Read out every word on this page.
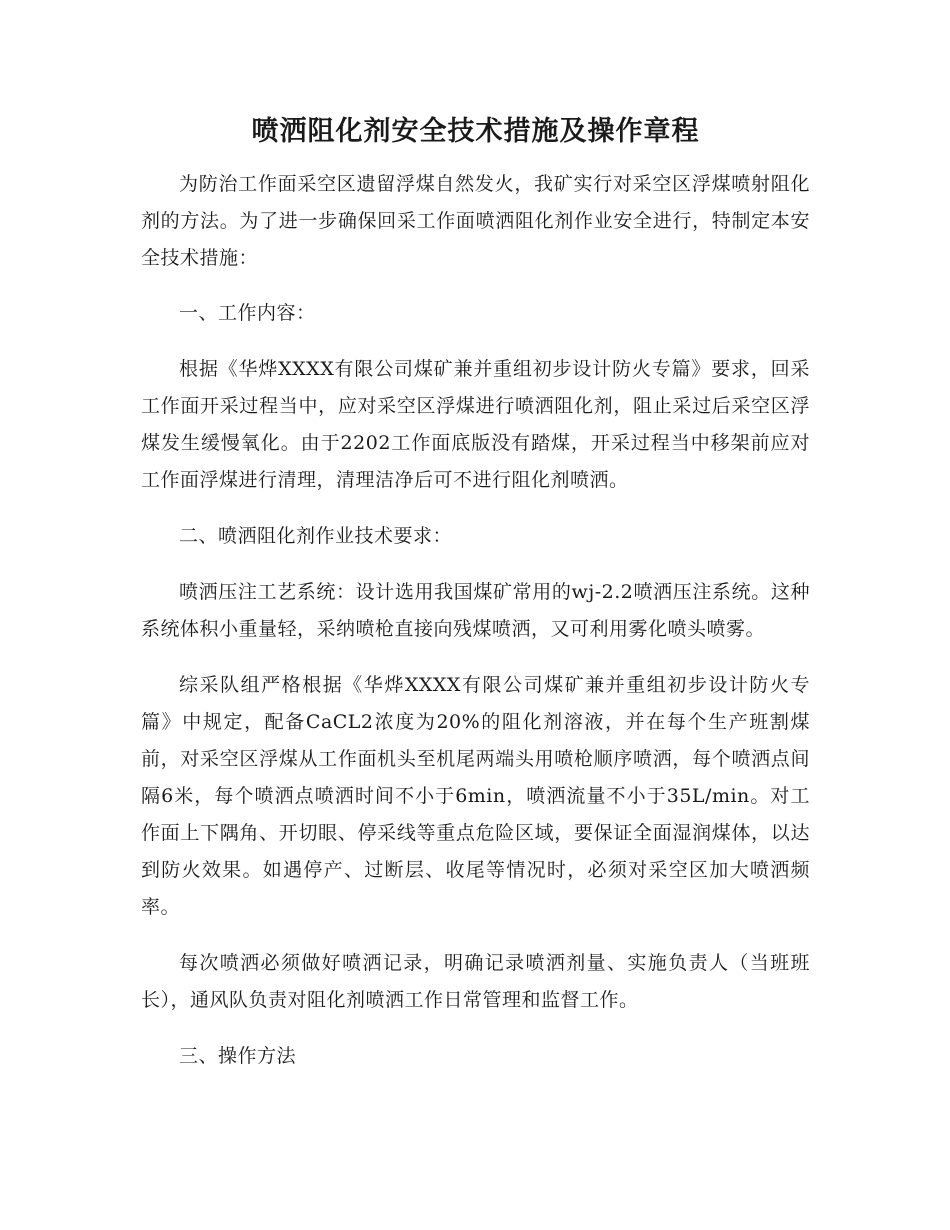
喷洒阻化剂安全技术措施及操作章程

为防治工作面采空区遗留浮煤自然发火，我矿实行对采空区浮煤喷射阻化剂的方法。为了进一步确保回采工作面喷洒阻化剂作业安全进行，特制定本安全技术措施：

一、工作内容：

根据《华烨XXXX有限公司煤矿兼并重组初步设计防火专篇》要求，回采工作面开采过程当中，应对采空区浮煤进行喷洒阻化剂，阻止采过后采空区浮煤发生缓慢氧化。由于2202工作面底版没有踏煤，开采过程当中移架前应对工作面浮煤进行清理，清理洁净后可不进行阻化剂喷洒。

二、喷洒阻化剂作业技术要求：

喷洒压注工艺系统：设计选用我国煤矿常用的wj-2.2喷洒压注系统。这种系统体积小重量轻，采纳喷枪直接向残煤喷洒，又可利用雾化喷头喷雾。

综采队组严格根据《华烨XXXX有限公司煤矿兼并重组初步设计防火专篇》中规定，配备CaCL2浓度为20%的阻化剂溶液，并在每个生产班割煤前，对采空区浮煤从工作面机头至机尾两端头用喷枪顺序喷洒，每个喷洒点间隔6米，每个喷洒点喷洒时间不小于6min，喷洒流量不小于35L/min。对工作面上下隅角、开切眼、停采线等重点危险区域，要保证全面湿润煤体，以达到防火效果。如遇停产、过断层、收尾等情况时，必须对采空区加大喷洒频率。

每次喷洒必须做好喷洒记录，明确记录喷洒剂量、实施负责人（当班班长），通风队负责对阻化剂喷洒工作日常管理和监督工作。

三、操作方法
